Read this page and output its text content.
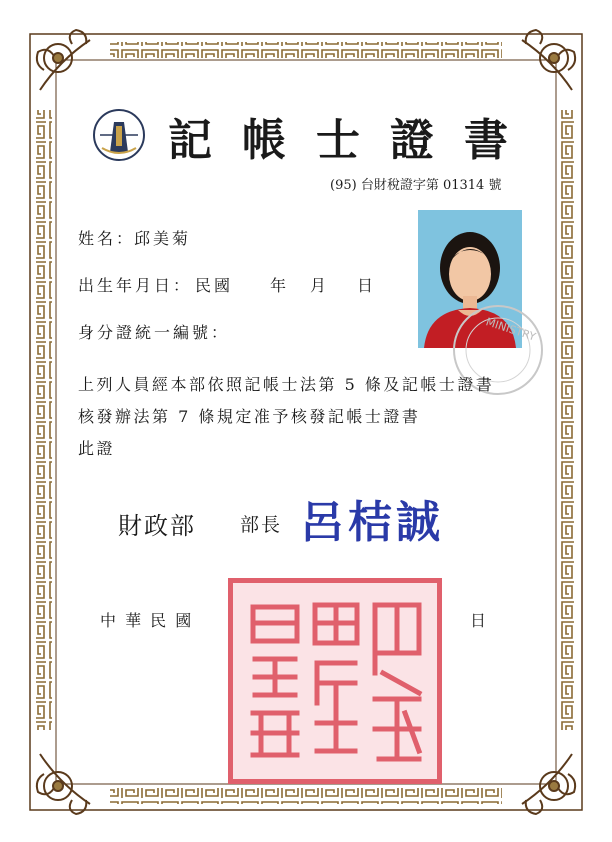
記帳士證書
(95) 台財稅證字第 01314 號
姓名：
邱美菊
出生年月日： 民國 年 月 日
身分證統一編號：	MINISTRY
上列人員經本部依照記帳士法第 5 條及記帳士證書
核發辦法第 7 條規定准予核發記帳士證書
此證
財政部 部長 呂桔誠
中 華 民 國	日
